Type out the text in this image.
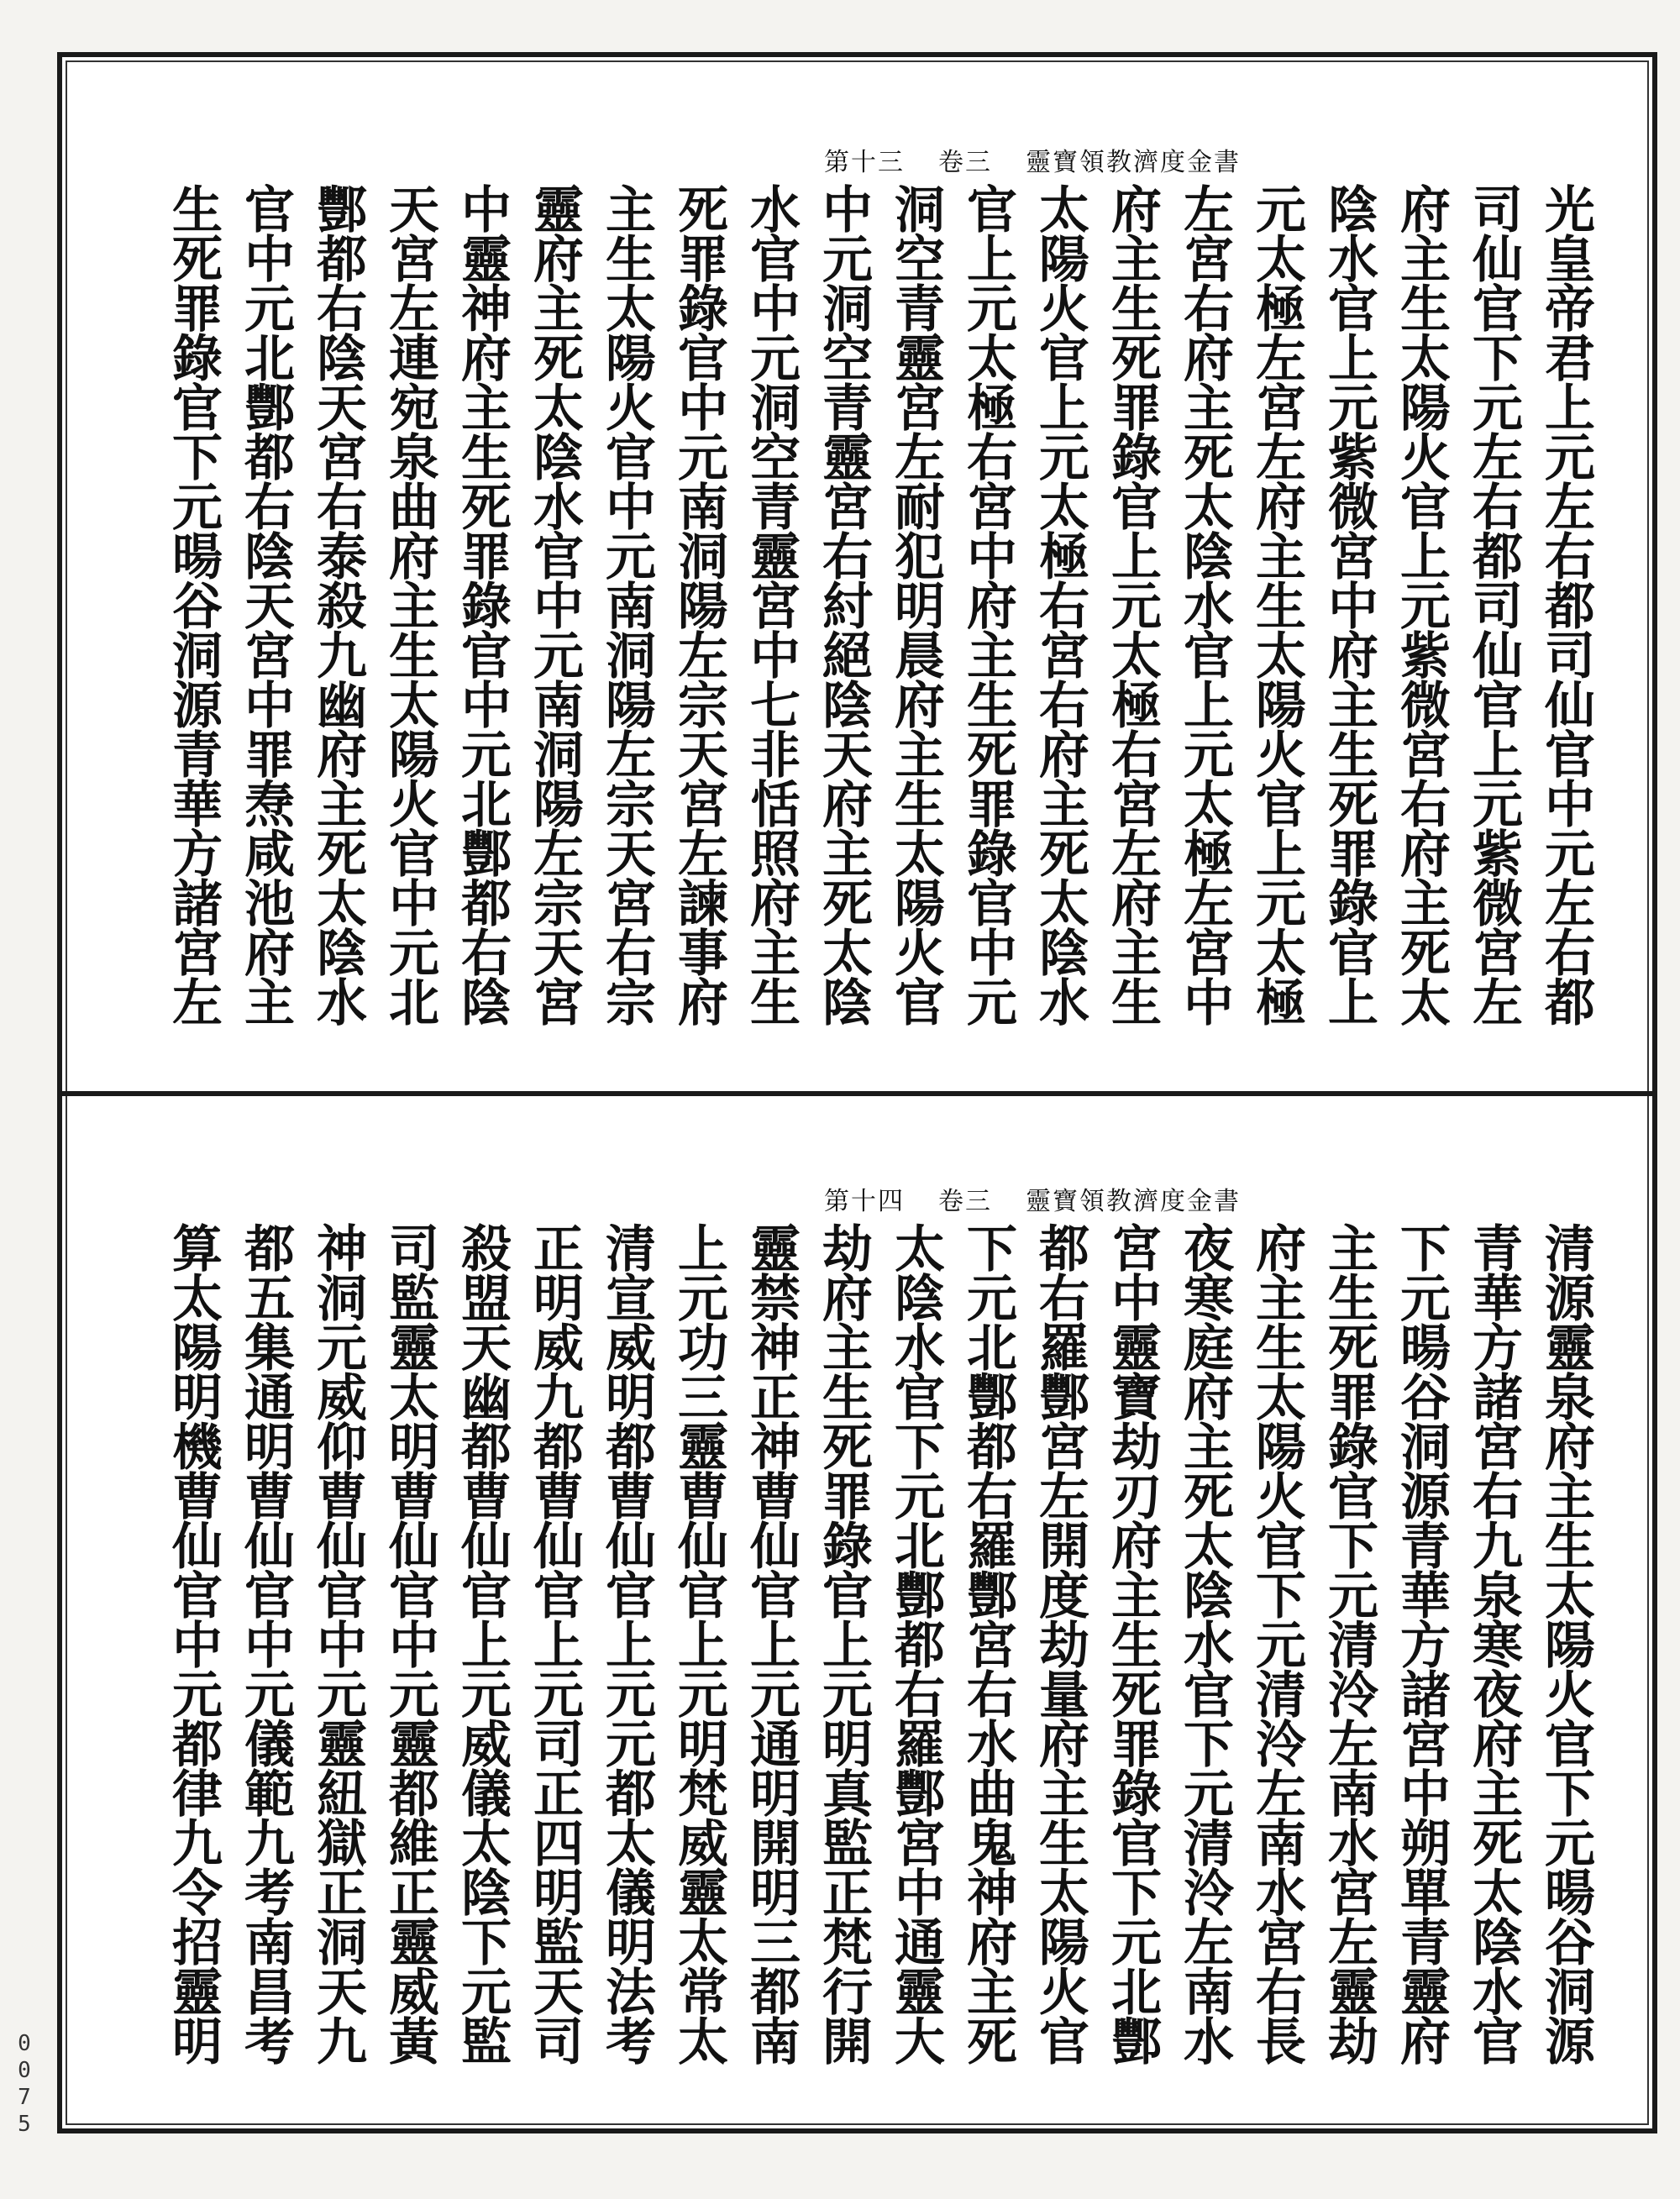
靈寶領教濟度金書
卷三
第十三
光皇帝君上元左右都司仙官中元左右都
司仙官下元左右都司仙官上元紫微宮左
府主生太陽火官上元紫微宮右府主死太
陰水官上元紫微宮中府主生死罪錄官上
元太極左宮左府主生太陽火官上元太極
左宮右府主死太陰水官上元太極左宮中
府主生死罪錄官上元太極右宮左府主生
太陽火官上元太極右宮右府主死太陰水
官上元太極右宮中府主生死罪錄官中元
洞空青靈宮左耐犯明晨府主生太陽火官
中元洞空青靈宮右紂絕陰天府主死太陰
水官中元洞空青靈宮中七非恬照府主生
死罪錄官中元南洞陽左宗天宮左諫事府
主生太陽火官中元南洞陽左宗天宮右宗
靈府主死太陰水官中元南洞陽左宗天宮
中靈神府主生死罪錄官中元北酆都右陰
天宮左連宛泉曲府主生太陽火官中元北
酆都右陰天宮右泰殺九幽府主死太陰水
官中元北酆都右陰天宮中罪焘咸池府主
生死罪錄官下元暘谷洞源青華方諸宮左
靈寶領教濟度金書
卷三
第十四
清源靈泉府主生太陽火官下元暘谷洞源
青華方諸宮右九泉寒夜府主死太陰水官
下元暘谷洞源青華方諸宮中朔單青靈府
主生死罪錄官下元清泠左南水宮左靈劫
府主生太陽火官下元清泠左南水宮右長
夜寒庭府主死太陰水官下元清泠左南水
宮中靈寶劫刃府主生死罪錄官下元北酆
都右羅酆宮左開度劫量府主生太陽火官
下元北酆都右羅酆宮右水曲鬼神府主死
太陰水官下元北酆都右羅酆宮中通靈大
劫府主生死罪錄官上元明真監正梵行開
靈禁神正神曹仙官上元通明開明三都南
上元功三靈曹仙官上元明梵威靈太常太
清宣威明都曹仙官上元元都太儀明法考
正明威九都曹仙官上元司正四明監天司
殺盟天幽都曹仙官上元威儀太陰下元監
司監靈太明曹仙官中元靈都維正靈威黃
神洞元威仰曹仙官中元靈紐獄正洞天九
都五集通明曹仙官中元儀範九考南昌考
算太陽明機曹仙官中元都律九令招靈明
0075
